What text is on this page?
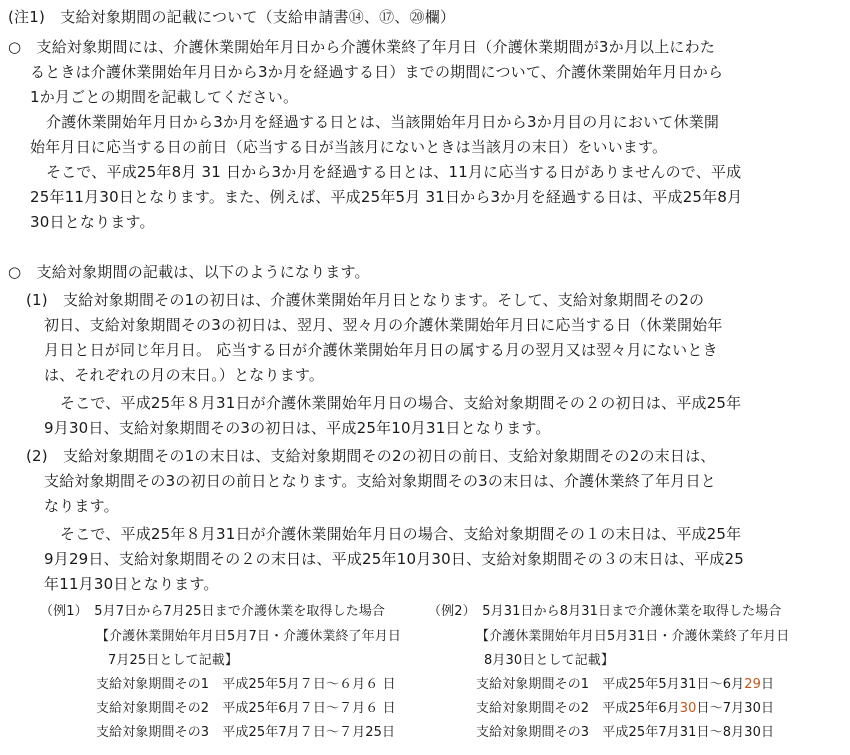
(注1)　支給対象期間の記載について（支給申請書⑭、⑰、⑳欄）
○　支給対象期間には、介護休業開始年月日から介護休業終了年月日（介護休業期間が3か月以上にわた
るときは介護休業開始年月日から3か月を経過する日）までの期間について、介護休業開始年月日から
1か月ごとの期間を記載してください。
介護休業開始年月日から3か月を経過する日とは、当該開始年月日から3か月目の月において休業開
始年月日に応当する日の前日（応当する日が当該月にないときは当該月の末日）をいいます。
そこで、平成25年8月 31 日から3か月を経過する日とは、11月に応当する日がありませんので、平成
25年11月30日となります。また、例えば、平成25年5月 31日から3か月を経過する日は、平成25年8月
30日となります。
○　支給対象期間の記載は、以下のようになります。
(1)　支給対象期間その1の初日は、介護休業開始年月日となります。そして、支給対象期間その2の
初日、支給対象期間その3の初日は、翌月、翌々月の介護休業開始年月日に応当する日（休業開始年
月日と日が同じ年月日。 応当する日が介護休業開始年月日の属する月の翌月又は翌々月にないとき
は、それぞれの月の末日。）となります。
そこで、平成25年８月31日が介護休業開始年月日の場合、支給対象期間その２の初日は、平成25年
9月30日、支給対象期間その3の初日は、平成25年10月31日となります。
(2)　支給対象期間その1の末日は、支給対象期間その2の初日の前日、支給対象期間その2の末日は、
支給対象期間その3の初日の前日となります。支給対象期間その3の末日は、介護休業終了年月日と
なります。
そこで、平成25年８月31日が介護休業開始年月日の場合、支給対象期間その１の末日は、平成25年
9月29日、支給対象期間その２の末日は、平成25年10月30日、支給対象期間その３の末日は、平成25
年11月30日となります。
（例1）　5月7日から7月25日まで介護休業を取得した場合
【介護休業開始年月日5月7日・介護休業終了年月日
7月25日として記載】
支給対象期間その1　平成25年5月７日～６月６ 日
支給対象期間その2　平成25年6月７日～７月６ 日
支給対象期間その3　平成25年7月７日～７月25日
（例2）　5月31日から8月31日まで介護休業を取得した場合
【介護休業開始年月日5月31日・介護休業終了年月日
8月30日として記載】
支給対象期間その1　平成25年5月31日～6月29日
支給対象期間その2　平成25年6月30日～7月30日
支給対象期間その3　平成25年7月31日～8月30日
